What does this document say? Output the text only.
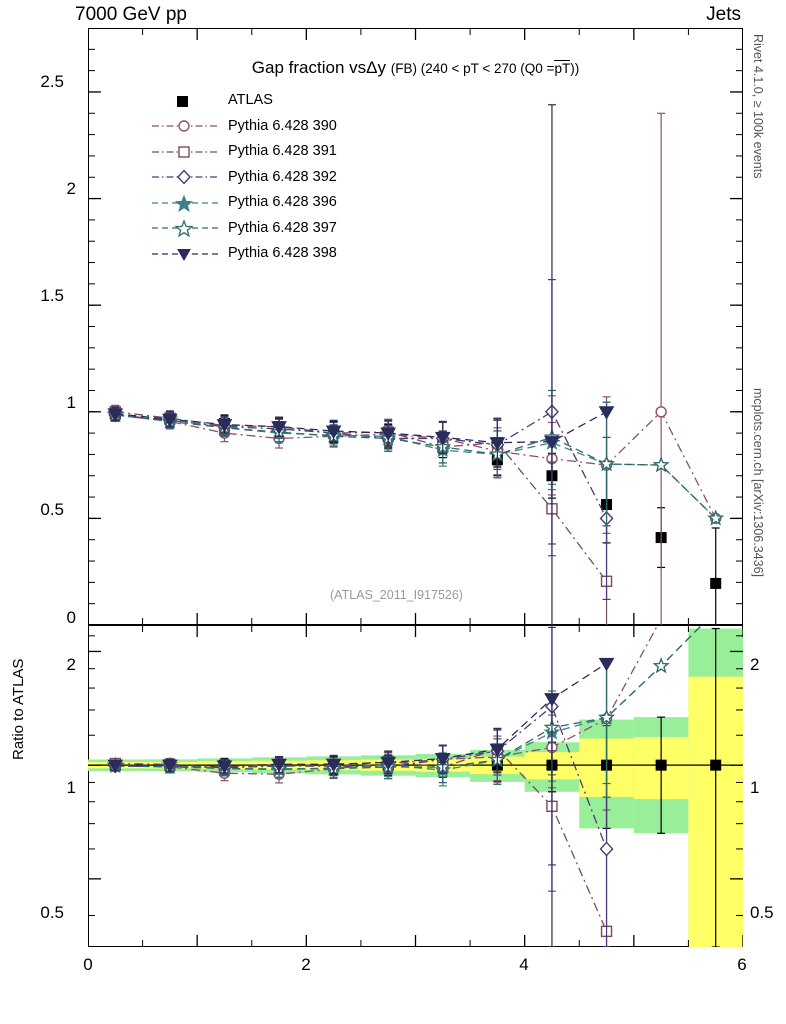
7000 GeV pp	Jets
Rivet 4.1.0, ≥ 100k events
mcplots.cern.ch [arXiv:1306.3436]
Gap fraction vsΔy (FB) (240 < pT < 270 (Q0 =pT))
0
0.5
1
1.5
2
2.5
ATLAS
Pythia 6.428 390
Pythia 6.428 391
Pythia 6.428 392
Pythia 6.428 396
Pythia 6.428 397
Pythia 6.428 398
(ATLAS_2011_I917526)
0.5
1
2
0.5
1
2
Ratio to ATLAS
0	2	4	6
